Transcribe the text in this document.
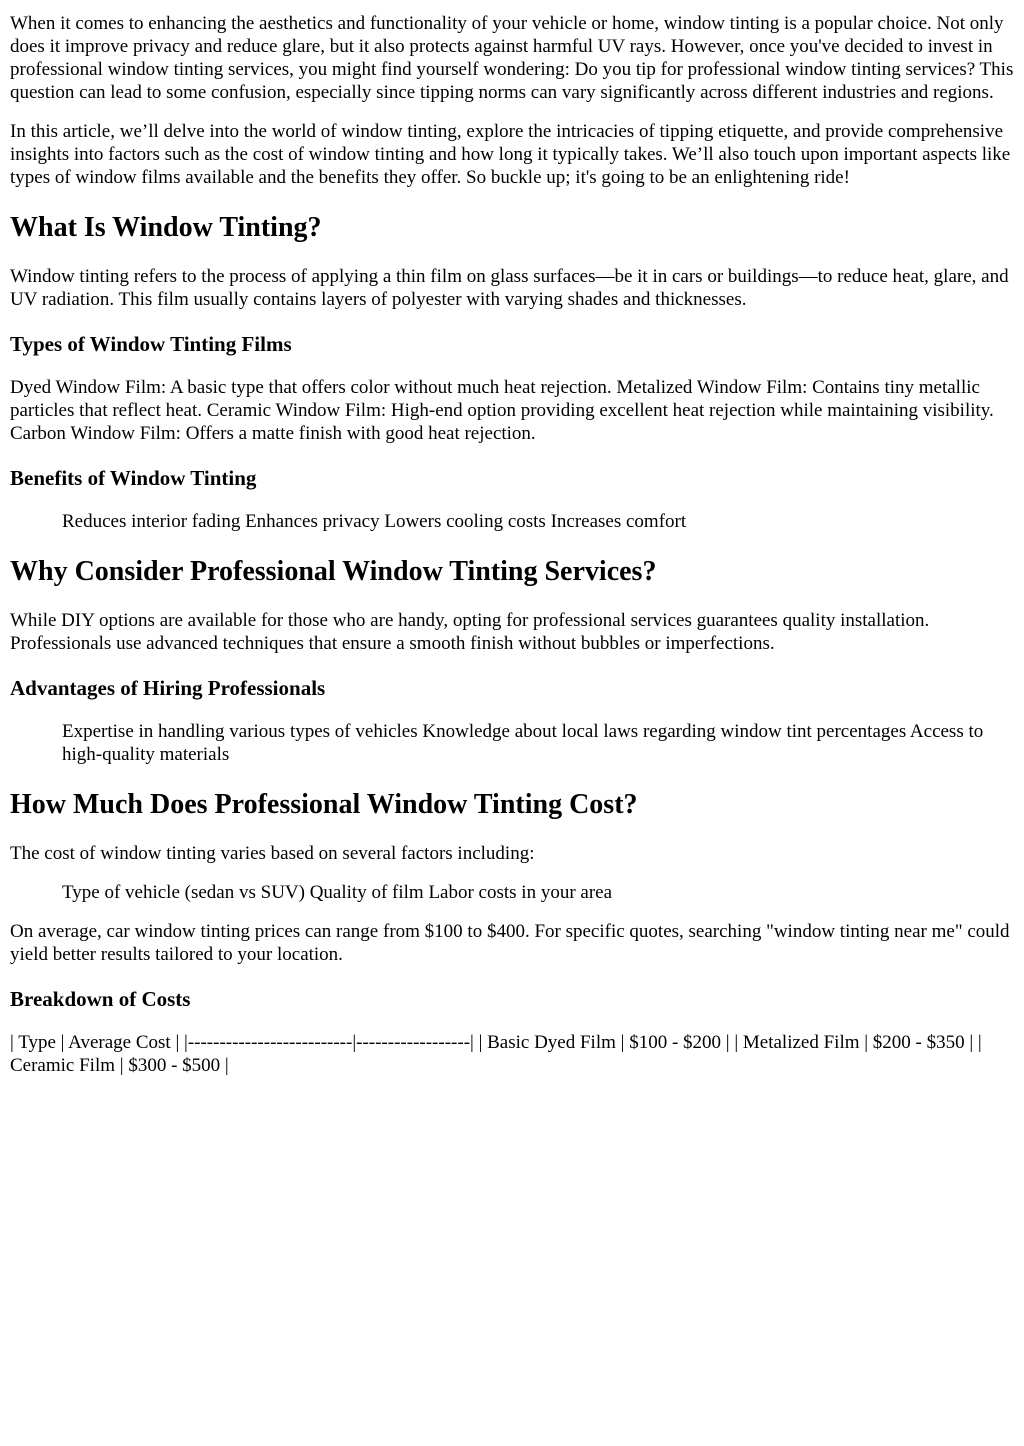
When it comes to enhancing the aesthetics and functionality of your vehicle or home, window tinting is a popular choice. Not only does it improve privacy and reduce glare, but it also protects against harmful UV rays. However, once you've decided to invest in professional window tinting services, you might find yourself wondering: Do you tip for professional window tinting services? This question can lead to some confusion, especially since tipping norms can vary significantly across different industries and regions.

In this article, we’ll delve into the world of window tinting, explore the intricacies of tipping etiquette, and provide comprehensive insights into factors such as the cost of window tinting and how long it typically takes. We’ll also touch upon important aspects like types of window films available and the benefits they offer. So buckle up; it's going to be an enlightening ride!

What Is Window Tinting?

Window tinting refers to the process of applying a thin film on glass surfaces—be it in cars or buildings—to reduce heat, glare, and UV radiation. This film usually contains layers of polyester with varying shades and thicknesses.

Types of Window Tinting Films

Dyed Window Film: A basic type that offers color without much heat rejection. Metalized Window Film: Contains tiny metallic particles that reflect heat. Ceramic Window Film: High-end option providing excellent heat rejection while maintaining visibility. Carbon Window Film: Offers a matte finish with good heat rejection.

Benefits of Window Tinting
Reduces interior fading Enhances privacy Lowers cooling costs Increases comfort
Why Consider Professional Window Tinting Services?

While DIY options are available for those who are handy, opting for professional services guarantees quality installation. Professionals use advanced techniques that ensure a smooth finish without bubbles or imperfections.

Advantages of Hiring Professionals
Expertise in handling various types of vehicles Knowledge about local laws regarding window tint percentages Access to high-quality materials
How Much Does Professional Window Tinting Cost?

The cost of window tinting varies based on several factors including:

Type of vehicle (sedan vs SUV) Quality of film Labor costs in your area

On average, car window tinting prices can range from $100 to $400. For specific quotes, searching "window tinting near me" could yield better results tailored to your location.

Breakdown of Costs

| Type | Average Cost | |--------------------------|------------------| | Basic Dyed Film | $100 - $200 | | Metalized Film | $200 - $350 | | Ceramic Film | $300 - $500 |
